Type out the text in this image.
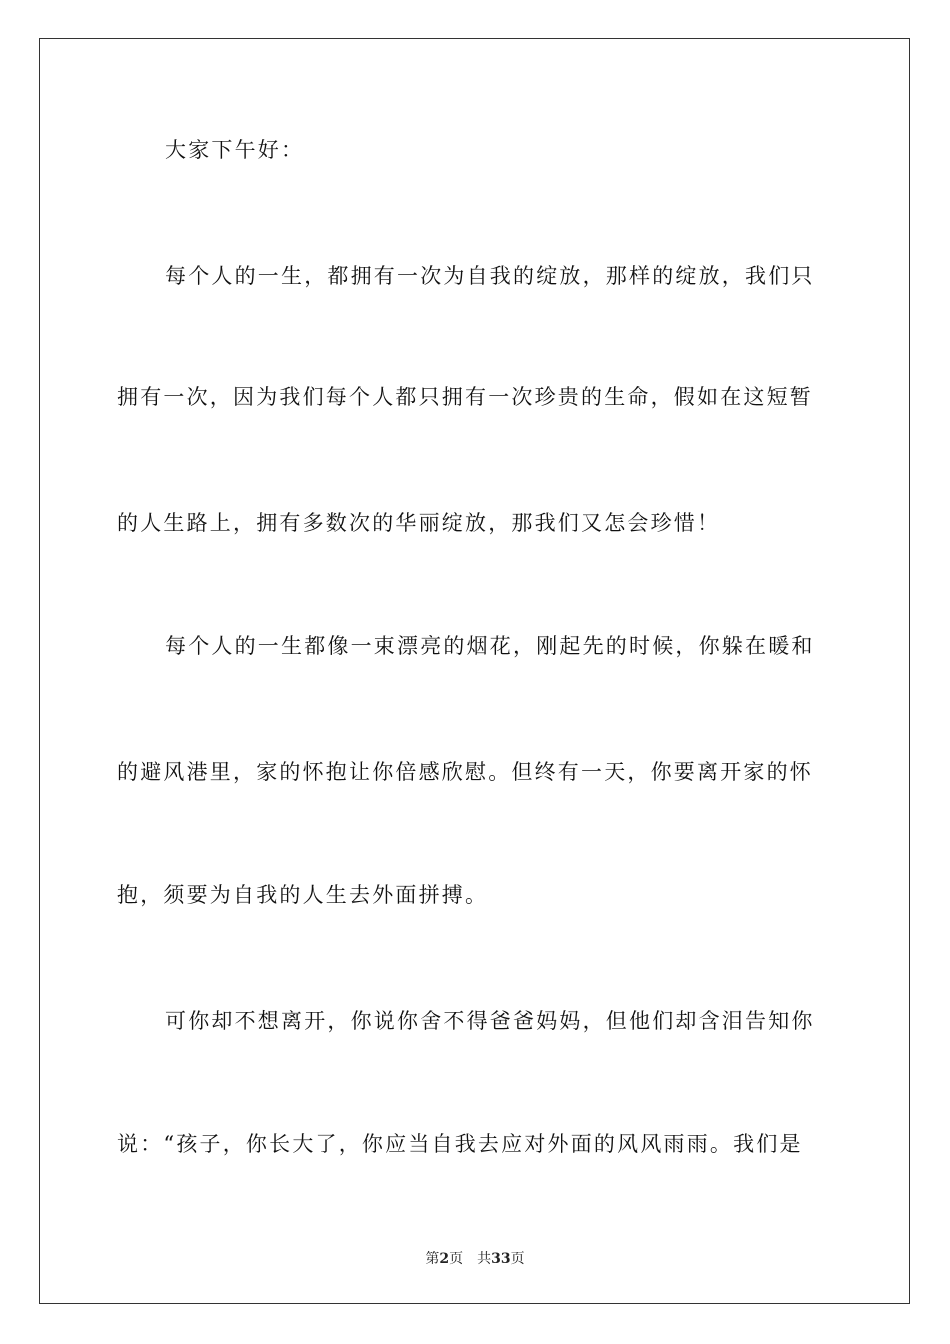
大家下午好：
每个人的一生，都拥有一次为自我的绽放，那样的绽放，我们只
拥有一次，因为我们每个人都只拥有一次珍贵的生命，假如在这短暂
的人生路上，拥有多数次的华丽绽放，那我们又怎会珍惜！
每个人的一生都像一束漂亮的烟花，刚起先的时候，你躲在暖和
的避风港里，家的怀抱让你倍感欣慰。但终有一天，你要离开家的怀
抱，须要为自我的人生去外面拼搏。
可你却不想离开，你说你舍不得爸爸妈妈，但他们却含泪告知你
说：“孩子，你长大了，你应当自我去应对外面的风风雨雨。我们是
第2页 共33页
